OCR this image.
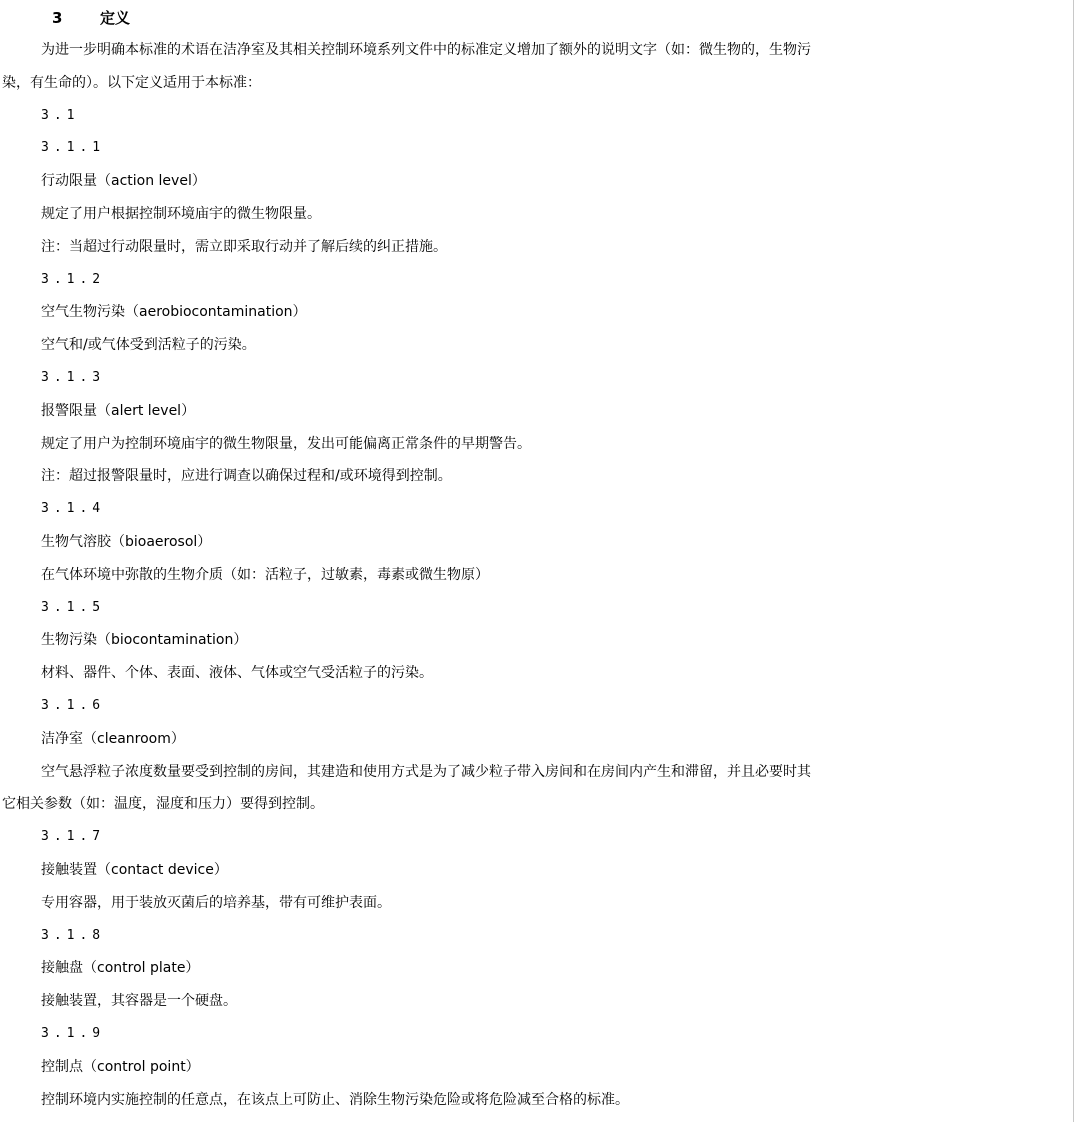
3	定义
为进一步明确本标准的术语在洁净室及其相关控制环境系列文件中的标准定义增加了额外的说明文字（如：微生物的，生物污
染，有生命的）。以下定义适用于本标准：
3.1
3.1.1
行动限量（action level）
规定了用户根据控制环境庙宇的微生物限量。
注：当超过行动限量时，需立即采取行动并了解后续的纠正措施。
3.1.2
空气生物污染（aerobiocontamination）
空气和/或气体受到活粒子的污染。
3.1.3
报警限量（alert level）
规定了用户为控制环境庙宇的微生物限量，发出可能偏离正常条件的早期警告。
注：超过报警限量时，应进行调查以确保过程和/或环境得到控制。
3.1.4
生物气溶胶（bioaerosol）
在气体环境中弥散的生物介质（如：活粒子，过敏素，毒素或微生物原）
3.1.5
生物污染（biocontamination）
材料、器件、个体、表面、液体、气体或空气受活粒子的污染。
3.1.6
洁净室（cleanroom）
空气悬浮粒子浓度数量要受到控制的房间，其建造和使用方式是为了减少粒子带入房间和在房间内产生和滞留，并且必要时其
它相关参数（如：温度，湿度和压力）要得到控制。
3.1.7
接触装置（contact device）
专用容器，用于装放灭菌后的培养基，带有可维护表面。
3.1.8
接触盘（control plate）
接触装置，其容器是一个硬盘。
3.1.9
控制点（control point）
控制环境内实施控制的任意点，在该点上可防止、消除生物污染危险或将危险减至合格的标准。
